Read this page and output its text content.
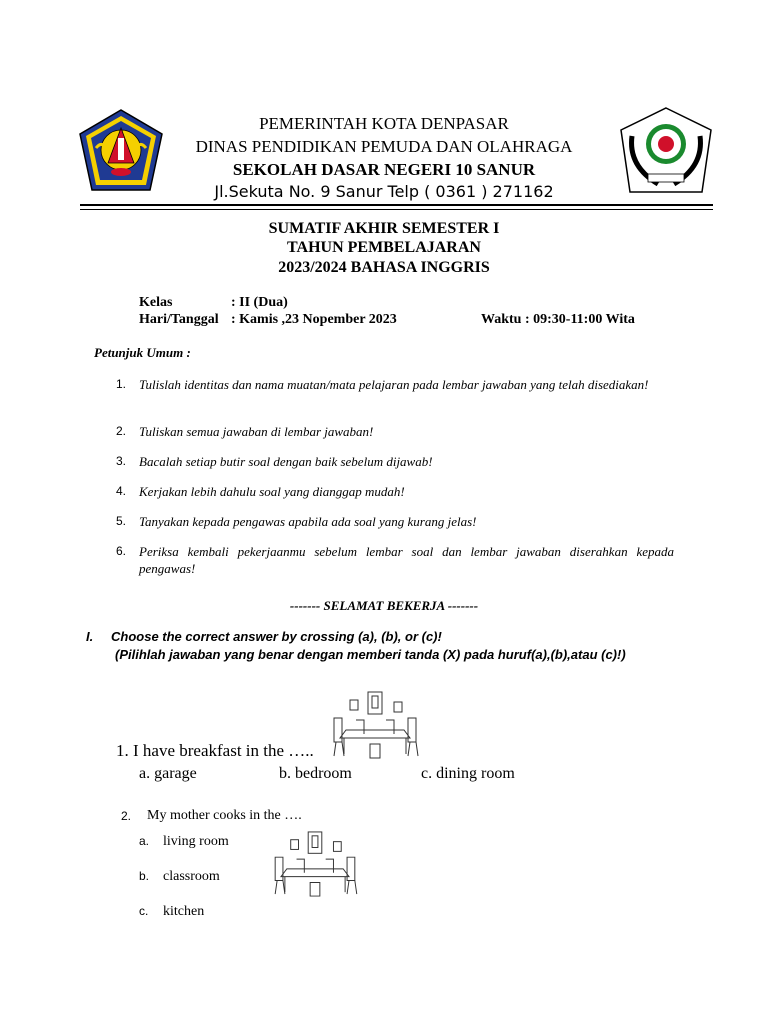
PEMERINTAH KOTA DENPASAR
DINAS PENDIDIKAN PEMUDA DAN OLAHRAGA
SEKOLAH DASAR NEGERI 10 SANUR
Jl.Sekuta No. 9 Sanur Telp ( 0361 ) 271162
SUMATIF AKHIR SEMESTER I
TAHUN PEMBELAJARAN
2023/2024 BAHASA INGGRIS
Kelas	: II (Dua)
Hari/Tanggal : Kamis ,23 Nopember 2023	Waktu : 09:30-11:00 Wita
Petunjuk Umum :
1. Tulislah identitas dan nama muatan/mata pelajaran pada lembar jawaban yang telah disediakan!
2. Tuliskan semua jawaban di lembar jawaban!
3. Bacalah setiap butir soal dengan baik sebelum dijawab!
4. Kerjakan lebih dahulu soal yang dianggap mudah!
5. Tanyakan kepada pengawas apabila ada soal yang kurang jelas!
6. Periksa kembali pekerjaanmu sebelum lembar soal dan lembar jawaban diserahkan kepada pengawas!
------- SELAMAT BEKERJA -------
I. Choose the correct answer by crossing (a), (b), or (c)!
(Pilihlah jawaban yang benar dengan memberi tanda (X) pada huruf(a),(b),atau (c)!)
1. I have breakfast in the …..
a. garage	b. bedroom	c. dining room
2. My mother cooks in the ….
a. living room
b. classroom
c. kitchen
